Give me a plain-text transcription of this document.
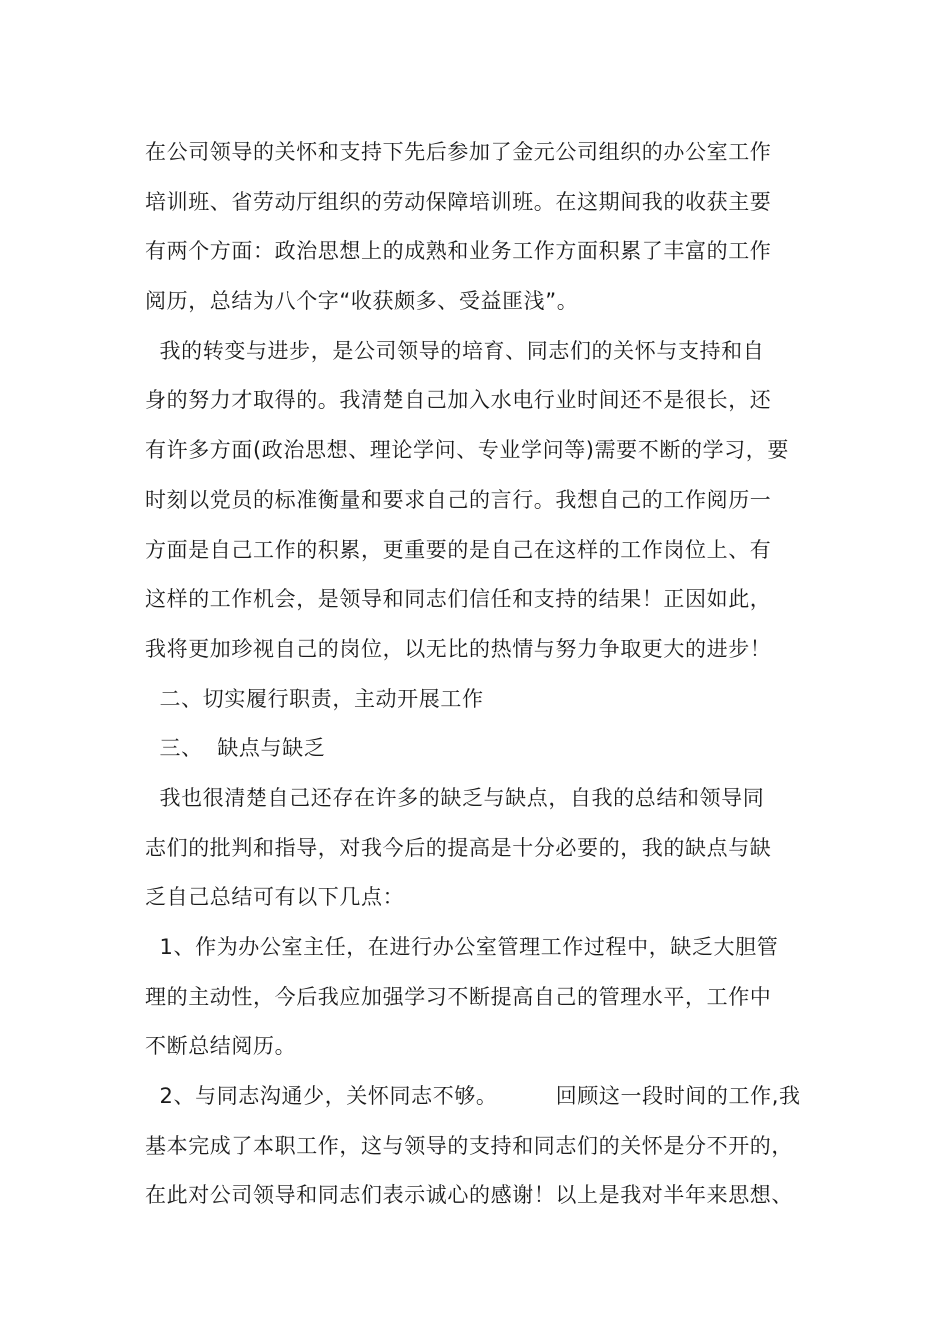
在公司领导的关怀和支持下先后参加了金元公司组织的办公室工作
培训班、省劳动厅组织的劳动保障培训班。在这期间我的收获主要
有两个方面：政治思想上的成熟和业务工作方面积累了丰富的工作
阅历，总结为八个字“收获颇多、受益匪浅”。
我的转变与进步，是公司领导的培育、同志们的关怀与支持和自
身的努力才取得的。我清楚自己加入水电行业时间还不是很长，还
有许多方面(政治思想、理论学问、专业学问等)需要不断的学习，要
时刻以党员的标准衡量和要求自己的言行。我想自己的工作阅历一
方面是自己工作的积累，更重要的是自己在这样的工作岗位上、有
这样的工作机会，是领导和同志们信任和支持的结果！正因如此，
我将更加珍视自己的岗位，以无比的热情与努力争取更大的进步！
二、切实履行职责，主动开展工作
三、  缺点与缺乏
我也很清楚自己还存在许多的缺乏与缺点，自我的总结和领导同
志们的批判和指导，对我今后的提高是十分必要的，我的缺点与缺
乏自己总结可有以下几点：
1、作为办公室主任，在进行办公室管理工作过程中，缺乏大胆管
理的主动性，今后我应加强学习不断提高自己的管理水平，工作中
不断总结阅历。
2、与同志沟通少，关怀同志不够。        回顾这一段时间的工作,我
基本完成了本职工作，这与领导的支持和同志们的关怀是分不开的，
在此对公司领导和同志们表示诚心的感谢！以上是我对半年来思想、
